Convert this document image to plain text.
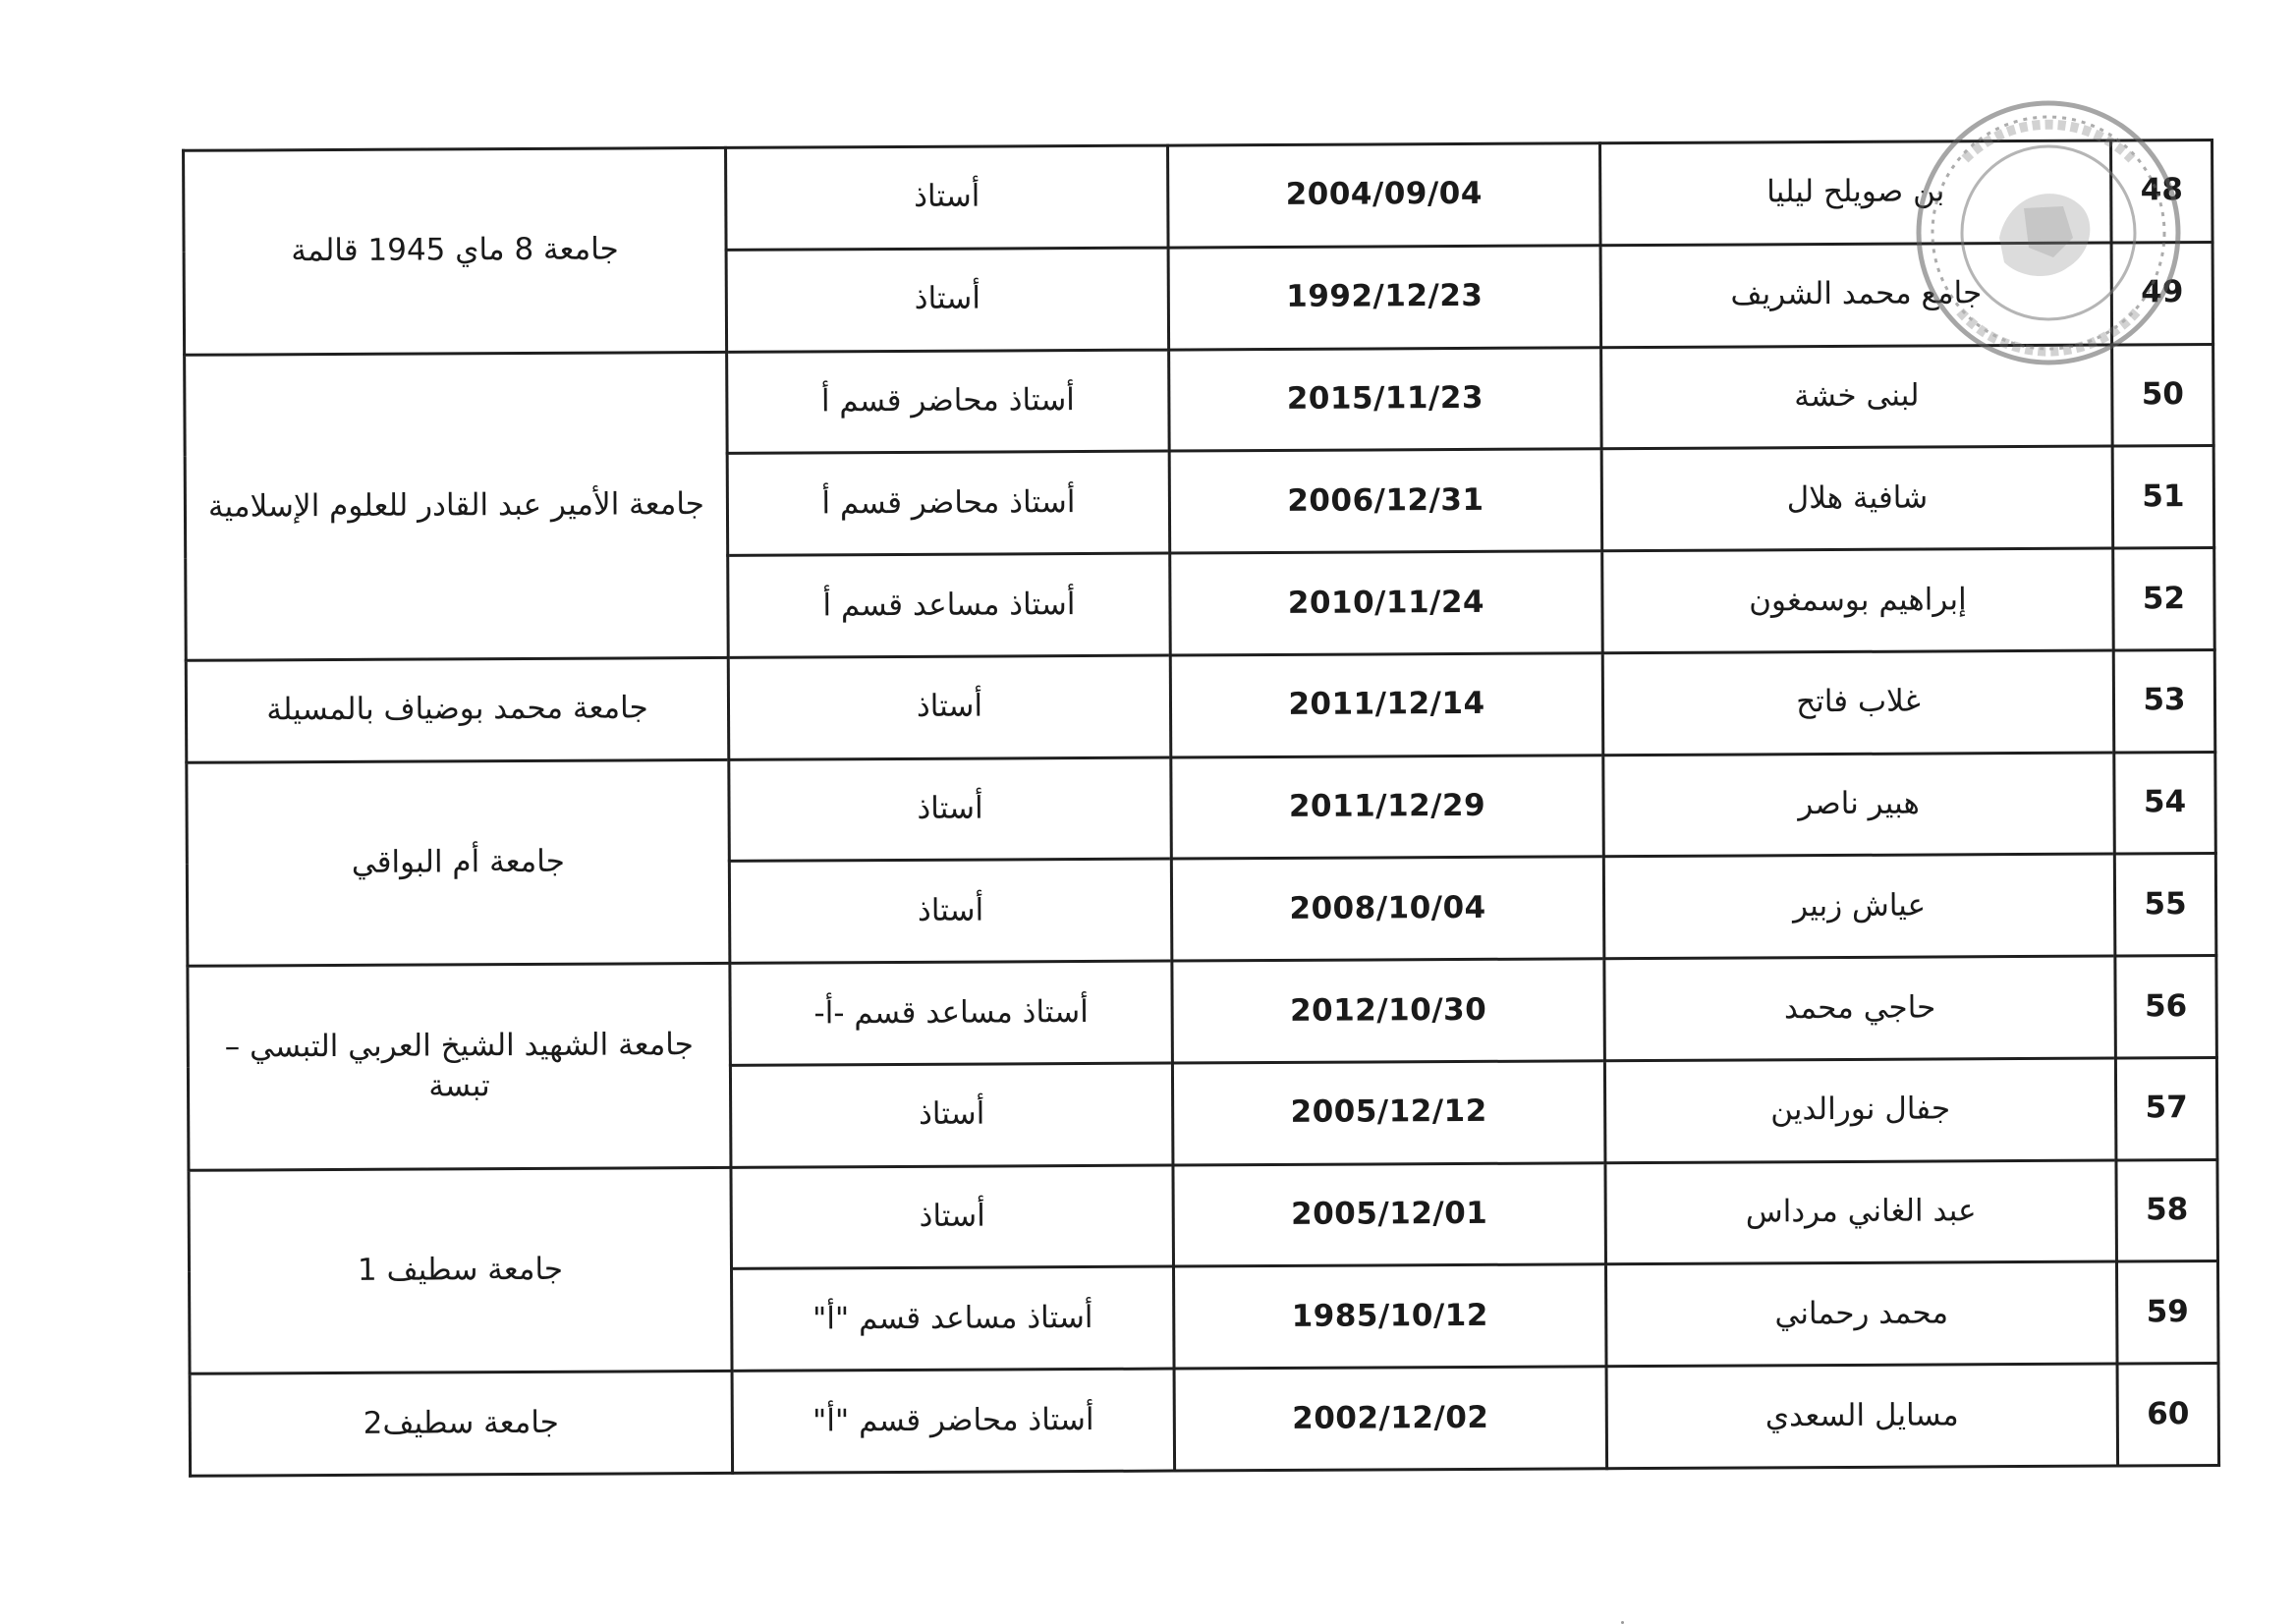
48	بن صويلح ليليا	2004/09/04	أستاذ	جامعة 8 ماي 1945 قالمة
49	جامع محمد الشريف	1992/12/23	أستاذ	
50	لبنى خشة	2015/11/23	أستاذ محاضر قسم أ	جامعة الأمير عبد القادر للعلوم الإسلامية
51	شافية هلال	2006/12/31	أستاذ محاضر قسم أ	
52	إبراهيم بوسمغون	2010/11/24	أستاذ مساعد قسم أ	
53	غلاب فاتح	2011/12/14	أستاذ	جامعة محمد بوضياف بالمسيلة
54	هبير ناصر	2011/12/29	أستاذ	جامعة أم البواقي
55	عياش زبير	2008/10/04	أستاذ	
56	حاجي محمد	2012/10/30	أستاذ مساعد قسم -أ-	جامعة الشهيد الشيخ العربي التبسي – تبسة
57	جفال نورالدين	2005/12/12	أستاذ	
58	عبد الغاني مرداس	2005/12/01	أستاذ	جامعة سطيف 1
59	محمد رحماني	1985/10/12	أستاذ مساعد قسم "أ"	
60	مسايل السعدي	2002/12/02	أستاذ محاضر قسم "أ"	جامعة سطيف2
